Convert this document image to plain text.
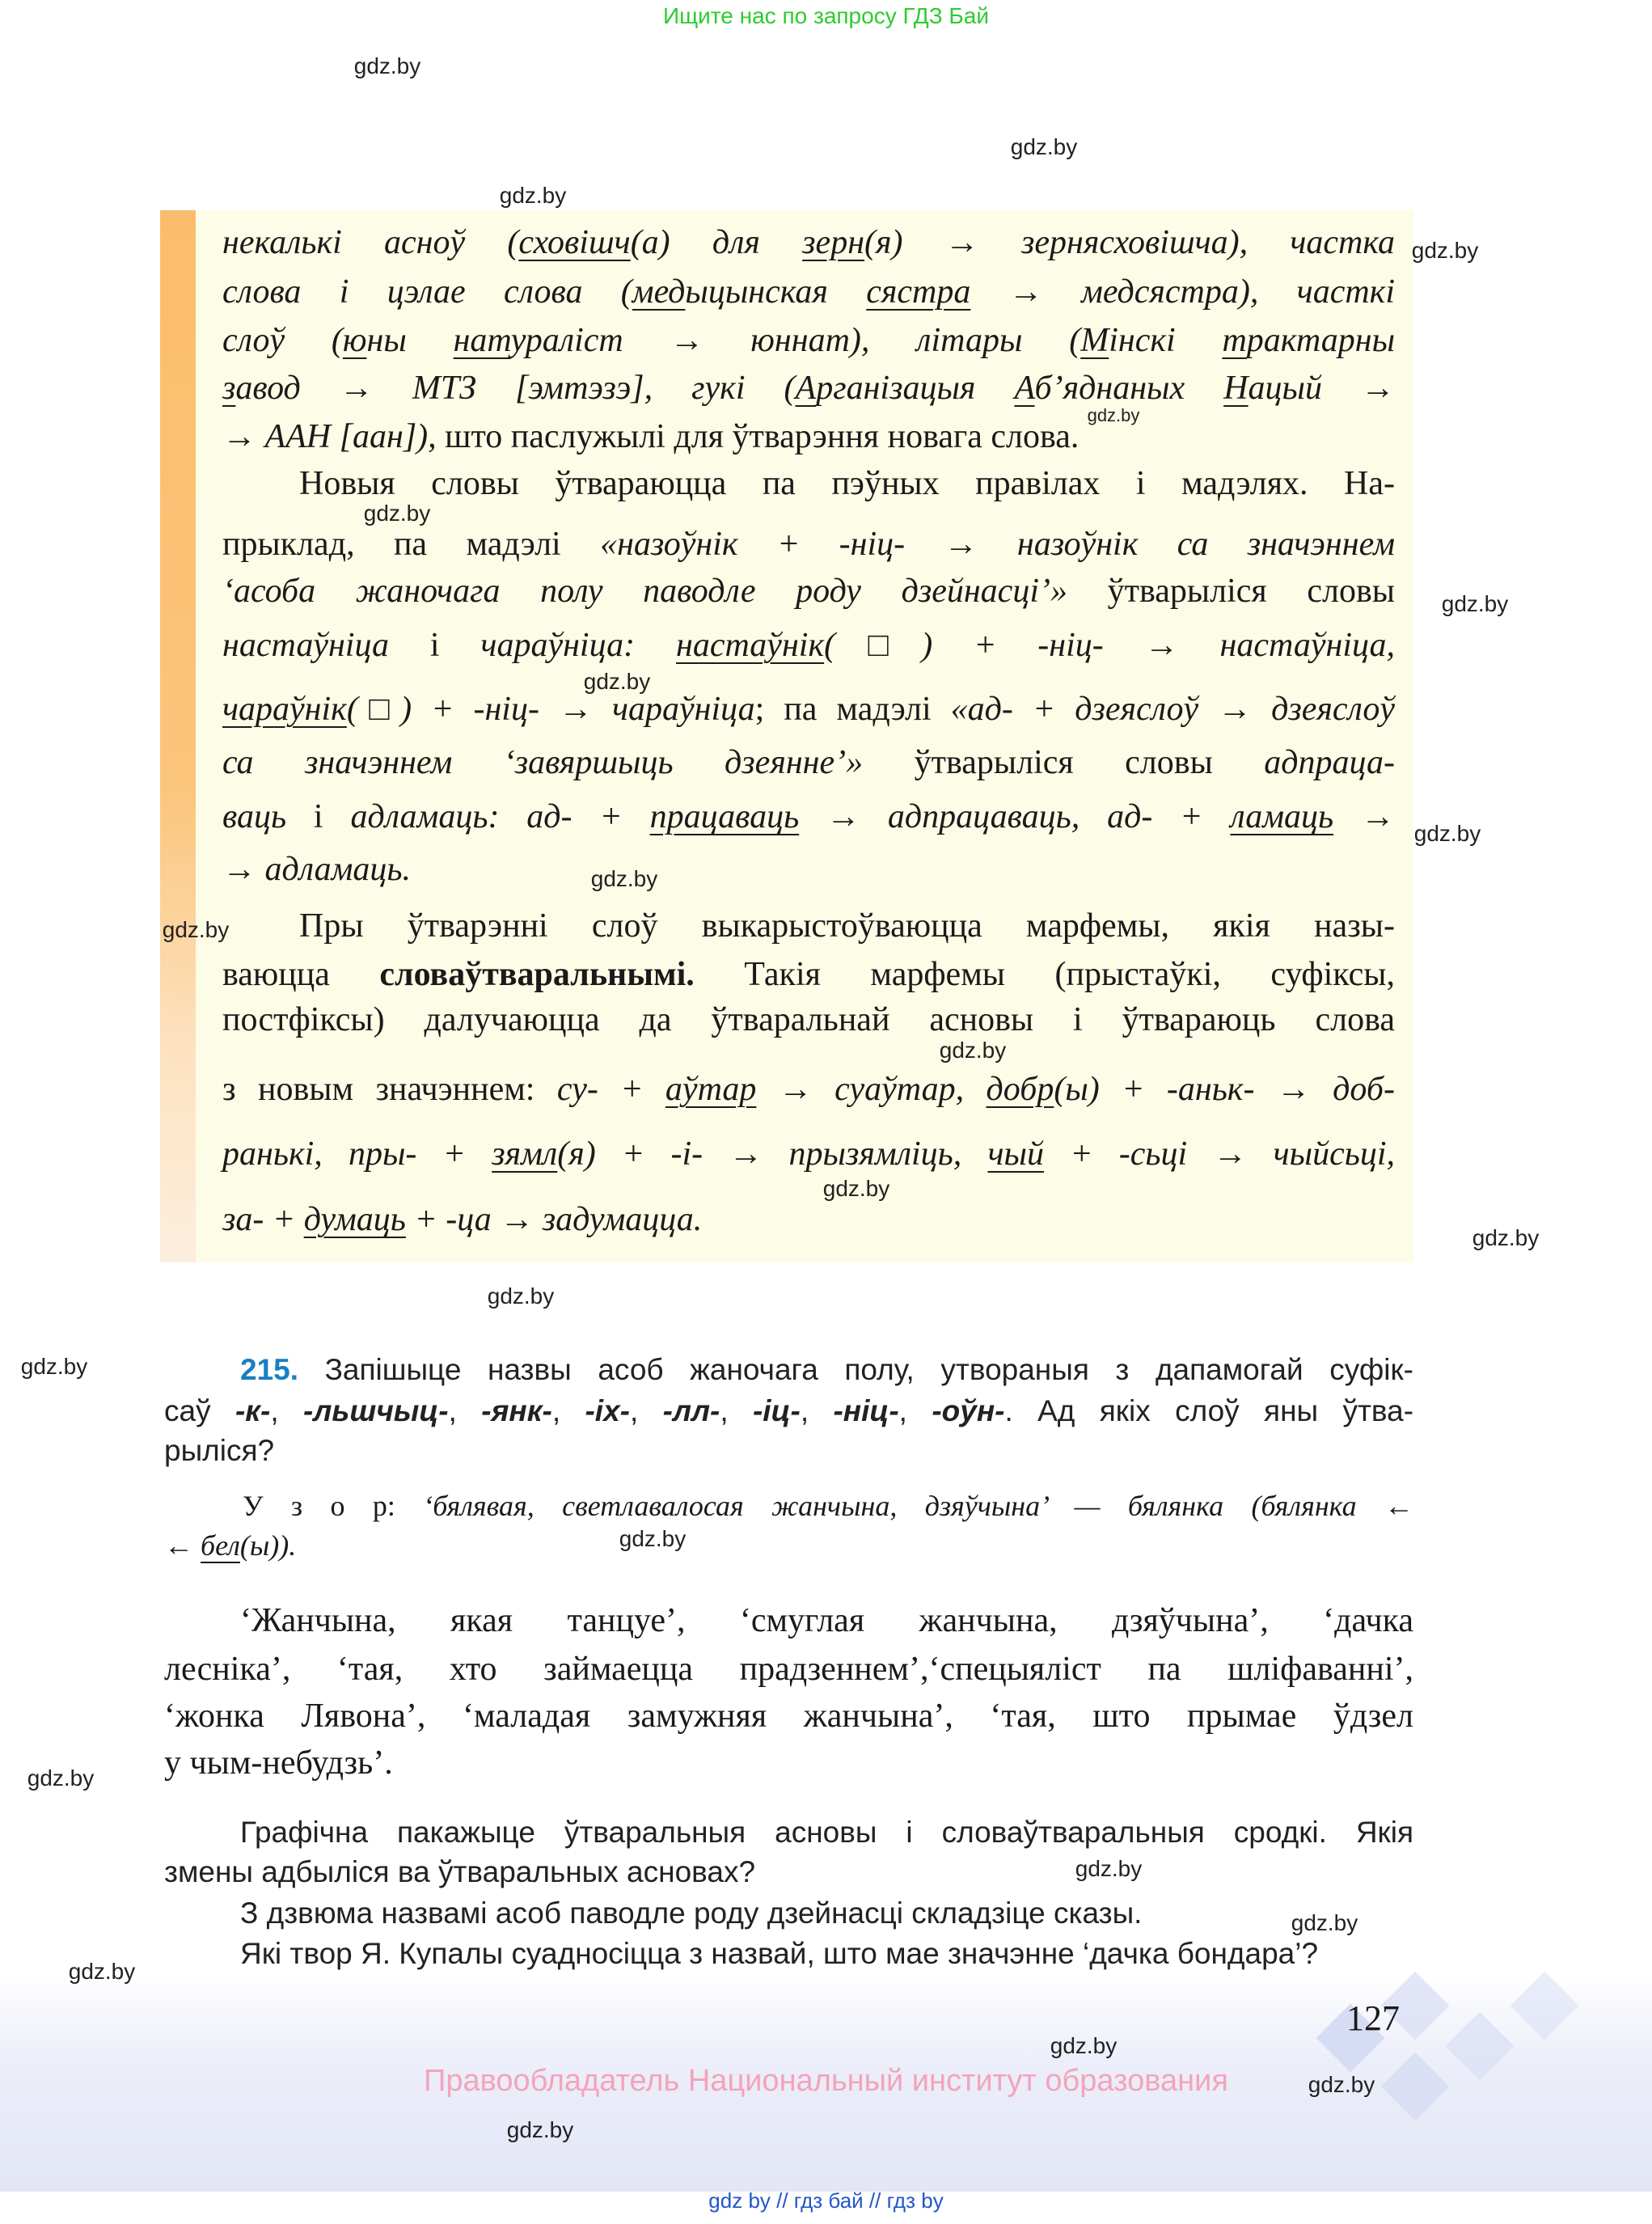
Ищите нас по запросу ГДЗ Бай
некалькі асноў (сховішч(а) для зерн(я) → зернясховішча), частка
слова і цэлае слова (медыцынская сястра → медсястра), часткі
слоў (юны натуралiст → юннат), літары (Мінскі трактарны
завод → МТЗ [эмтэзэ], гукі (Арганізацыя Аб’яднаных Нацый →
→ ААН [аан]), што паслужылі для ўтварэння новага слова.
Новыя словы ўтвараюцца па пэўных правілах і мадэлях. На-
прыклад, па мадэлі «назоўнік + -ніц- → назоўнік са значэннем
‘асоба жаночага полу паводле роду дзейнасці’» ўтварыліся словы
настаўніца і чараўніца: настаўнік(□) + -ніц- → настаўніца,
чараўнік(□) + -ніц- → чараўніца; па мадэлі «ад- + дзеяслоў → дзеяслоў
са значэннем ‘завяршыць дзеянне’» ўтварыліся словы адпраца-
ваць і адламаць: ад- + працаваць → адпрацаваць, ад- + ламаць →
→ адламаць.
Пры ўтварэнні слоў выкарыстоўваюцца марфемы, якія назы-
ваюцца словаўтваральнымі. Такія марфемы (прыстаўкі, суфіксы,
постфіксы) далучаюцца да ўтваральнай асновы і ўтвараюць слова
з новым значэннем: су- + аўтар → суаўтар, добр(ы) + -аньк- → доб-
ранькі, пры- + зямл(я) + -і- → прызямліць, чый + -сьці → чыйсьці,
за- + думаць + -ца → задумацца.
215. Запішыце назвы асоб жаночага полу, утвораныя з дапамогай суфік-
саў -к-, -льшчыц-, -янк-, -іх-, -лл-, -іц-, -ніц-, -оўн-. Ад якіх слоў яны ўтва-
рыліся?
У з о р: ‘бялявая, светлавалосая жанчына, дзяўчына’ — бялянка (бялянка ←
← бел(ы)).
‘Жанчына, якая танцуе’, ‘смуглая жанчына, дзяўчына’, ‘дачка
лесніка’, ‘тая, хто займаецца прадзеннем’,‘спецыяліст па шліфаванні’,
‘жонка Лявона’, ‘маладая замужняя жанчына’, ‘тая, што прымае ўдзел
у чым-небудзь’.
Графічна пакажыце ўтваральныя асновы і словаўтваральныя сродкі. Якія
змены адбыліся ва ўтваральных асновах?
З дзвюма назвамі асоб паводле роду дзейнасці складзіце сказы.
Які твор Я. Купалы суадносіцца з назвай, што мае значэнне ‘дачка бондара’?
127
Правообладатель Национальный институт образования
gdz by // гдз бай // гдз by
gdz.by
gdz.by
gdz.by
gdz.by
gdz.by
gdz.by
gdz.by
gdz.by
gdz.by
gdz.by
gdz.by
gdz.by
gdz.by
gdz.by
gdz.by
gdz.by
gdz.by
gdz.by
gdz.by
gdz.by
gdz.by
gdz.by
gdz.by
gdz.by
